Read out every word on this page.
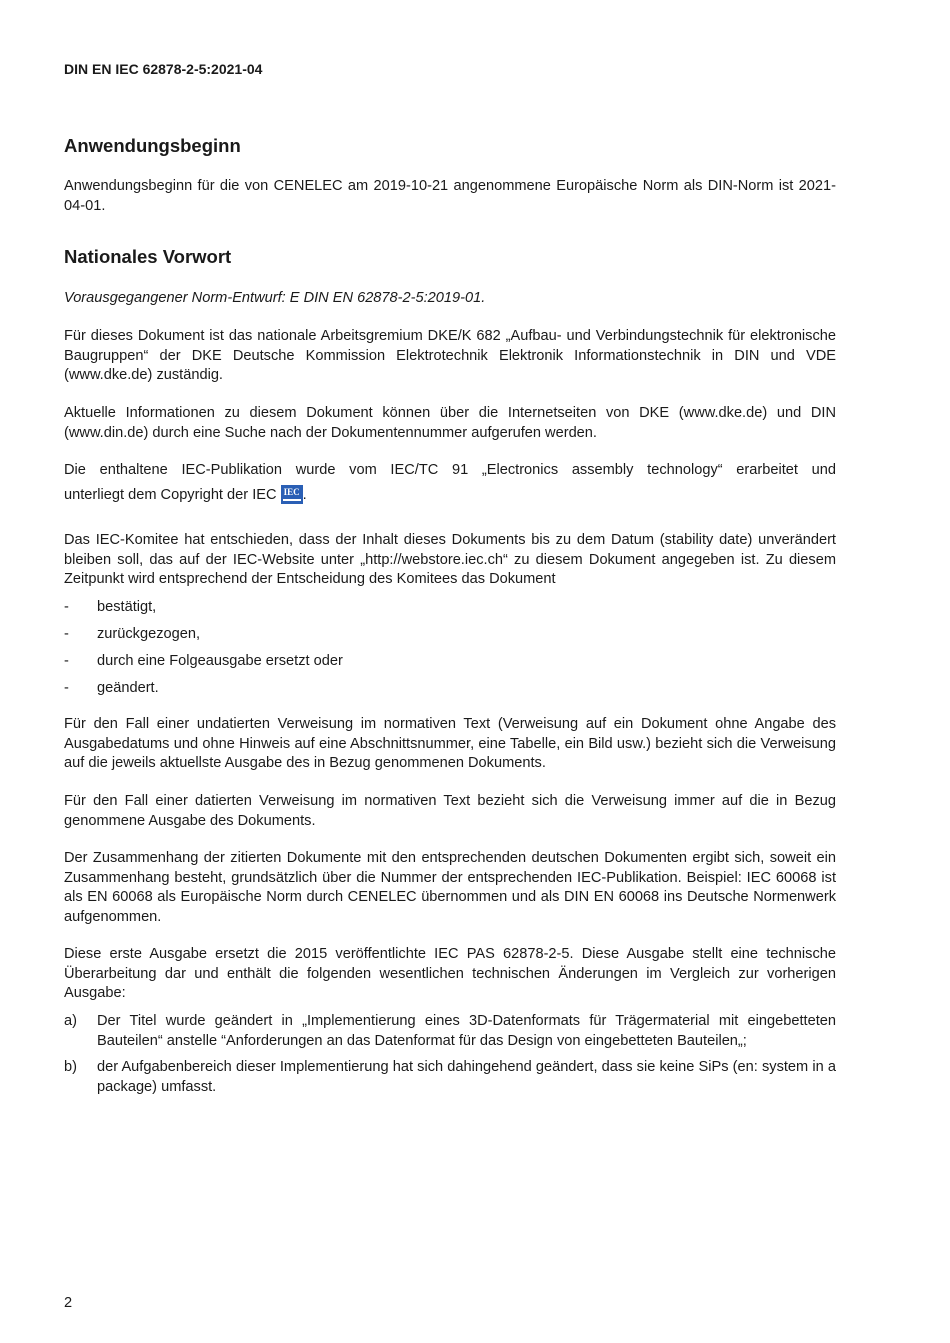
DIN EN IEC 62878-2-5:2021-04
Anwendungsbeginn

Anwendungsbeginn für die von CENELEC am 2019-10-21 angenommene Europäische Norm als DIN-Norm ist 2021-04-01.

Nationales Vorwort

Vorausgegangener Norm-Entwurf: E DIN EN 62878-2-5:2019-01.

Für dieses Dokument ist das nationale Arbeitsgremium DKE/K 682 „Aufbau- und Verbindungstechnik für elektronische Baugruppen“ der DKE Deutsche Kommission Elektrotechnik Elektronik Informationstechnik in DIN und VDE (www.dke.de) zuständig.

Aktuelle Informationen zu diesem Dokument können über die Internetseiten von DKE (www.dke.de) und DIN (www.din.de) durch eine Suche nach der Dokumentennummer aufgerufen werden.

Die enthaltene IEC-Publikation wurde vom IEC/TC 91 „Electronics assembly technology“ erarbeitet und

unterliegt dem Copyright der IEC IEC .

Das IEC-Komitee hat entschieden, dass der Inhalt dieses Dokuments bis zu dem Datum (stability date) unverändert bleiben soll, das auf der IEC-Website unter „http://webstore.iec.ch“ zu diesem Dokument angegeben ist. Zu diesem Zeitpunkt wird entsprechend der Entscheidung des Komitees das Dokument

- bestätigt,
- zurückgezogen,
- durch eine Folgeausgabe ersetzt oder
- geändert.

Für den Fall einer undatierten Verweisung im normativen Text (Verweisung auf ein Dokument ohne Angabe des Ausgabedatums und ohne Hinweis auf eine Abschnittsnummer, eine Tabelle, ein Bild usw.) bezieht sich die Verweisung auf die jeweils aktuellste Ausgabe des in Bezug genommenen Dokuments.

Für den Fall einer datierten Verweisung im normativen Text bezieht sich die Verweisung immer auf die in Bezug genommene Ausgabe des Dokuments.

Der Zusammenhang der zitierten Dokumente mit den entsprechenden deutschen Dokumenten ergibt sich, soweit ein Zusammenhang besteht, grundsätzlich über die Nummer der entsprechenden IEC-Publikation. Beispiel: IEC 60068 ist als EN 60068 als Europäische Norm durch CENELEC übernommen und als DIN EN 60068 ins Deutsche Normenwerk aufgenommen.

Diese erste Ausgabe ersetzt die 2015 veröffentlichte IEC PAS 62878-2-5. Diese Ausgabe stellt eine technische Überarbeitung dar und enthält die folgenden wesentlichen technischen Änderungen im Vergleich zur vorherigen Ausgabe:

a) Der Titel wurde geändert in „Implementierung eines 3D-Datenformats für Trägermaterial mit eingebetteten Bauteilen“ anstelle “Anforderungen an das Datenformat für das Design von eingebetteten Bauteilen„;
b) der Aufgabenbereich dieser Implementierung hat sich dahingehend geändert, dass sie keine SiPs (en: system in a package) umfasst.
2
